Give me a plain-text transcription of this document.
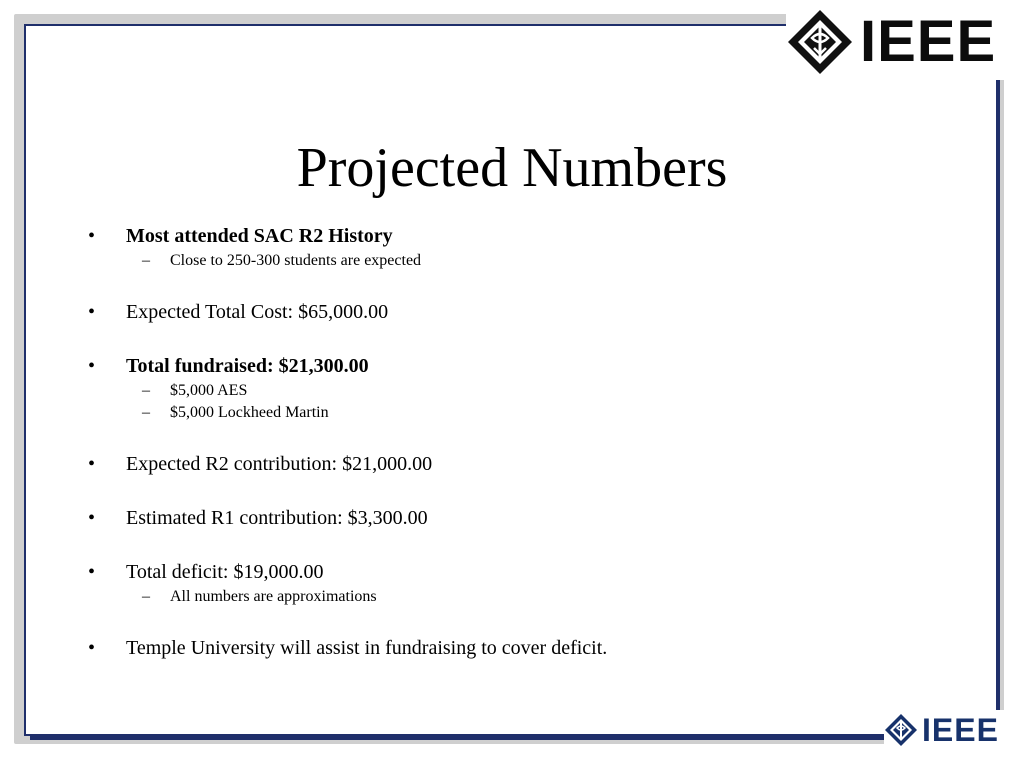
IEEE
Projected Numbers
• Most attended SAC R2 History
– Close to 250-300 students are expected
• Expected Total Cost: $65,000.00
• Total fundraised: $21,300.00
– $5,000 AES
– $5,000 Lockheed Martin
• Expected R2 contribution: $21,000.00
• Estimated R1 contribution: $3,300.00
• Total deficit: $19,000.00
– All numbers are approximations
• Temple University will assist in fundraising to cover deficit.
IEEE
